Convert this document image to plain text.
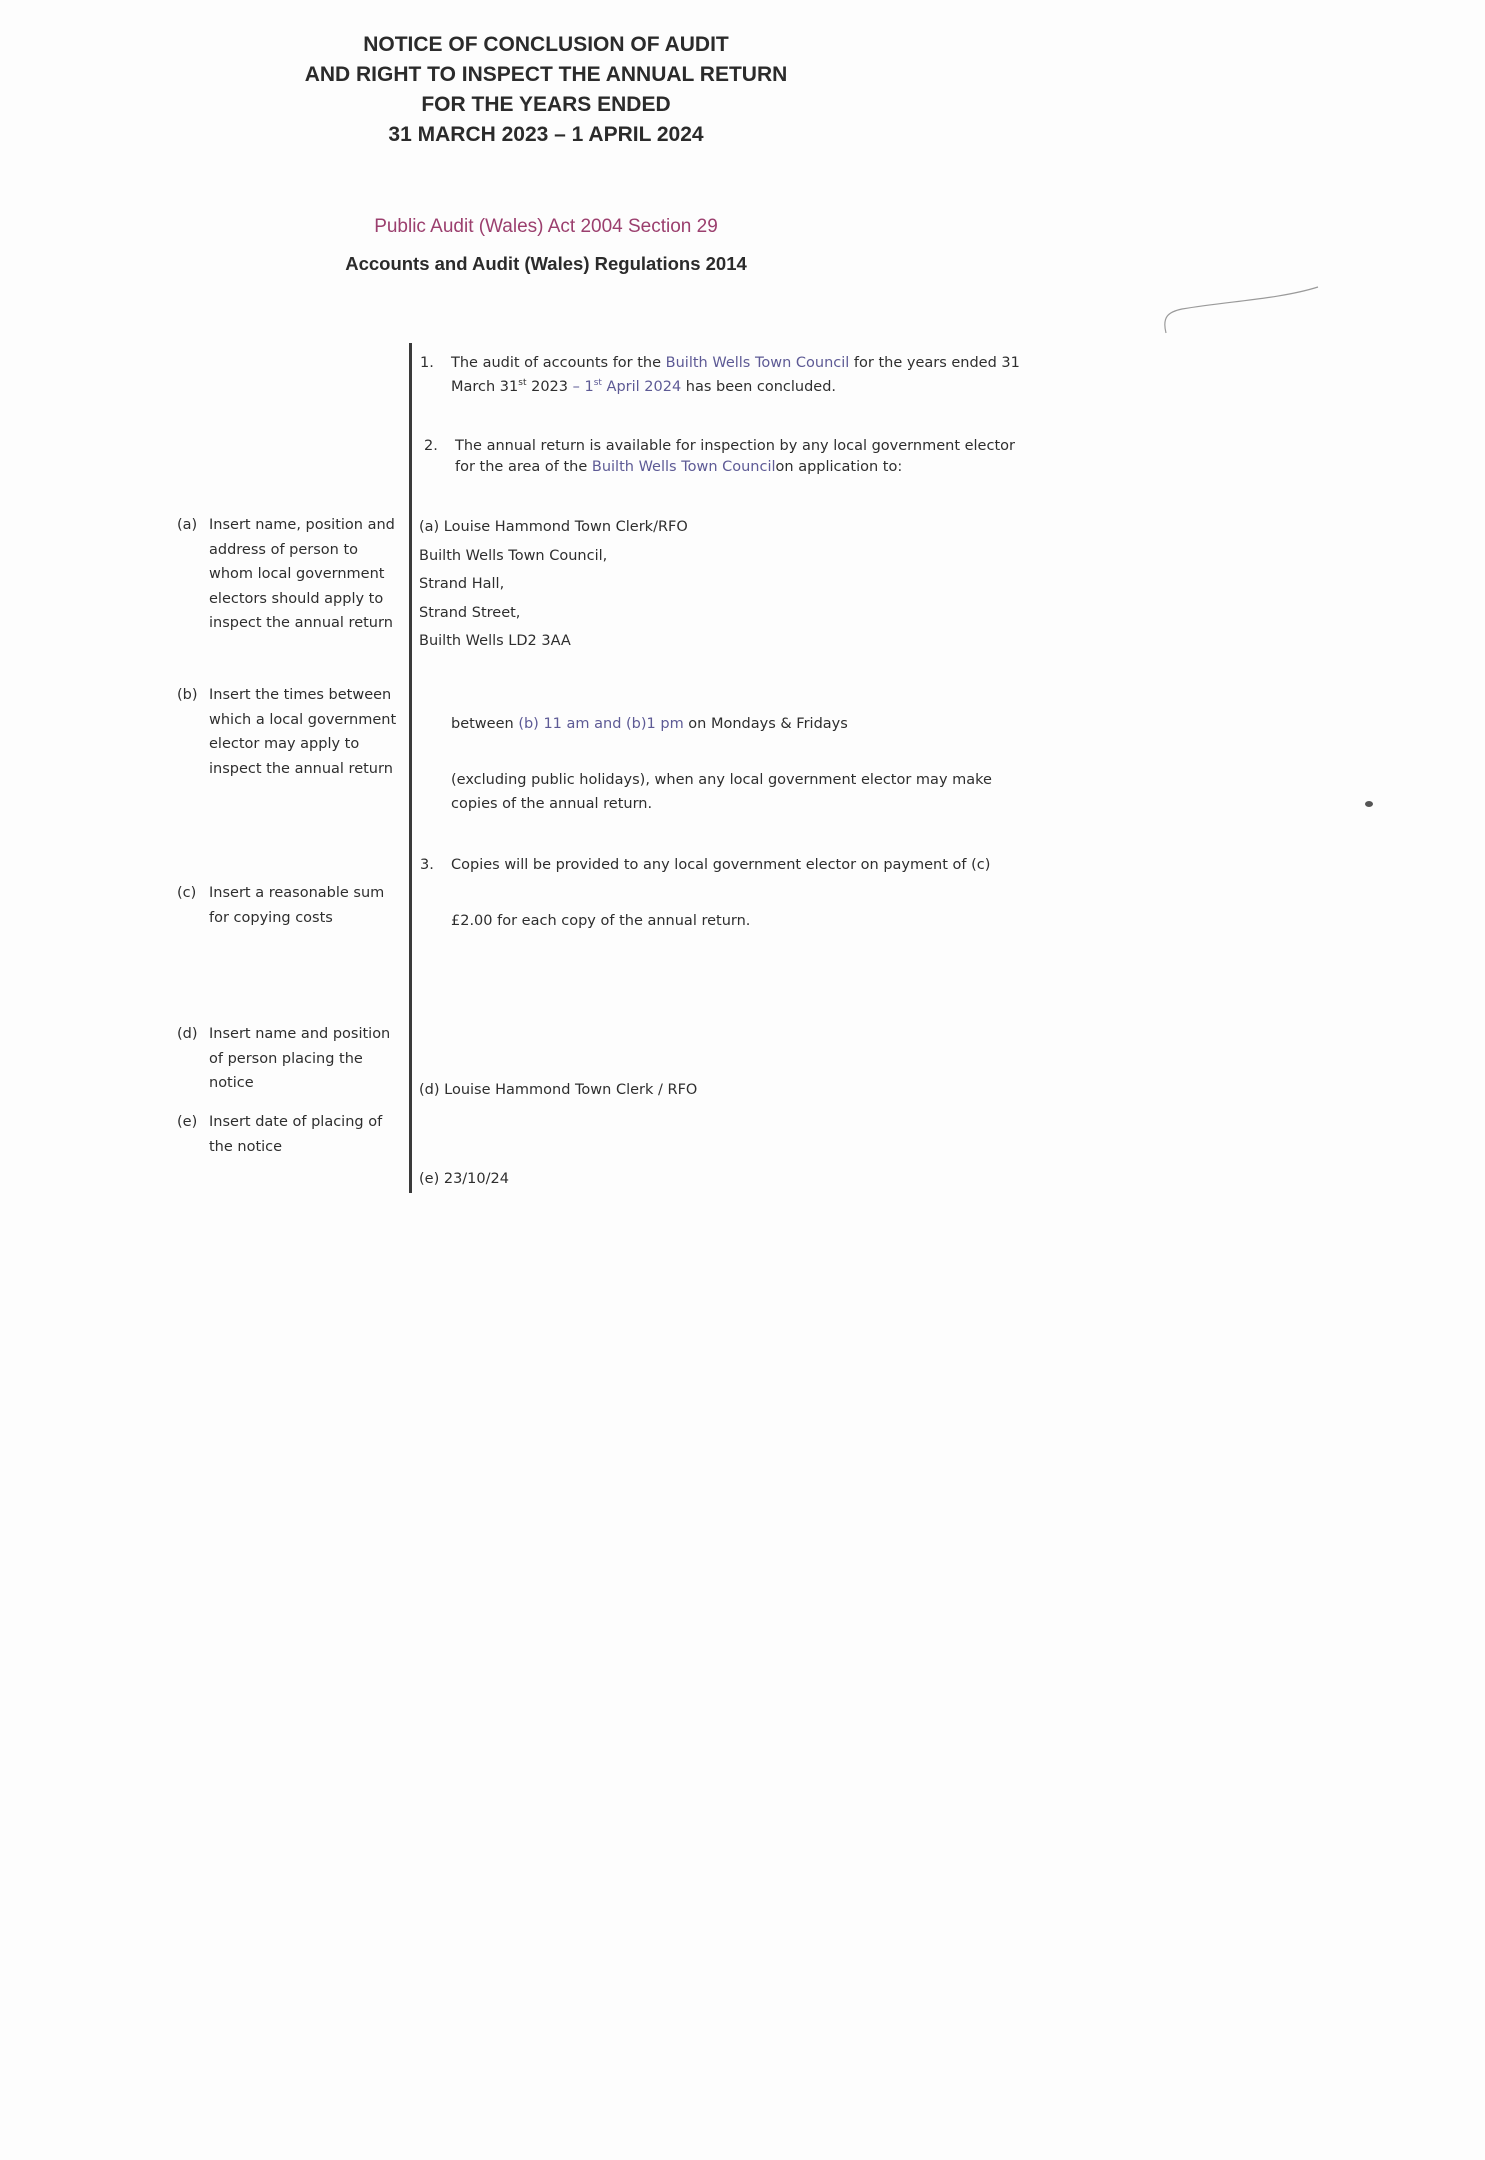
NOTICE OF CONCLUSION OF AUDIT
AND RIGHT TO INSPECT THE ANNUAL RETURN
FOR THE YEARS ENDED
31 MARCH 2023 – 1 APRIL 2024
Public Audit (Wales) Act 2004 Section 29
Accounts and Audit (Wales) Regulations 2014
1. The audit of accounts for the Builth Wells Town Council for the years ended 31
March 31st 2023 – 1st April 2024 has been concluded.
2. The annual return is available for inspection by any local government elector
for the area of the Builth Wells Town Councilon application to:
(a) Insert name, position and
address of person to
whom local government
electors should apply to
inspect the annual return
(a) Louise Hammond Town Clerk/RFO
Builth Wells Town Council,
Strand Hall,
Strand Street,
Builth Wells LD2 3AA
(b) Insert the times between
which a local government
elector may apply to
inspect the annual return
between (b) 11 am and (b)1 pm on Mondays & Fridays
(excluding public holidays), when any local government elector may make
copies of the annual return.
3. Copies will be provided to any local government elector on payment of (c)
(c) Insert a reasonable sum
for copying costs	£2.00 for each copy of the annual return.
(d) Insert name and position
of person placing the
notice	(d) Louise Hammond Town Clerk / RFO
(e) Insert date of placing of
the notice
(e) 23/10/24
